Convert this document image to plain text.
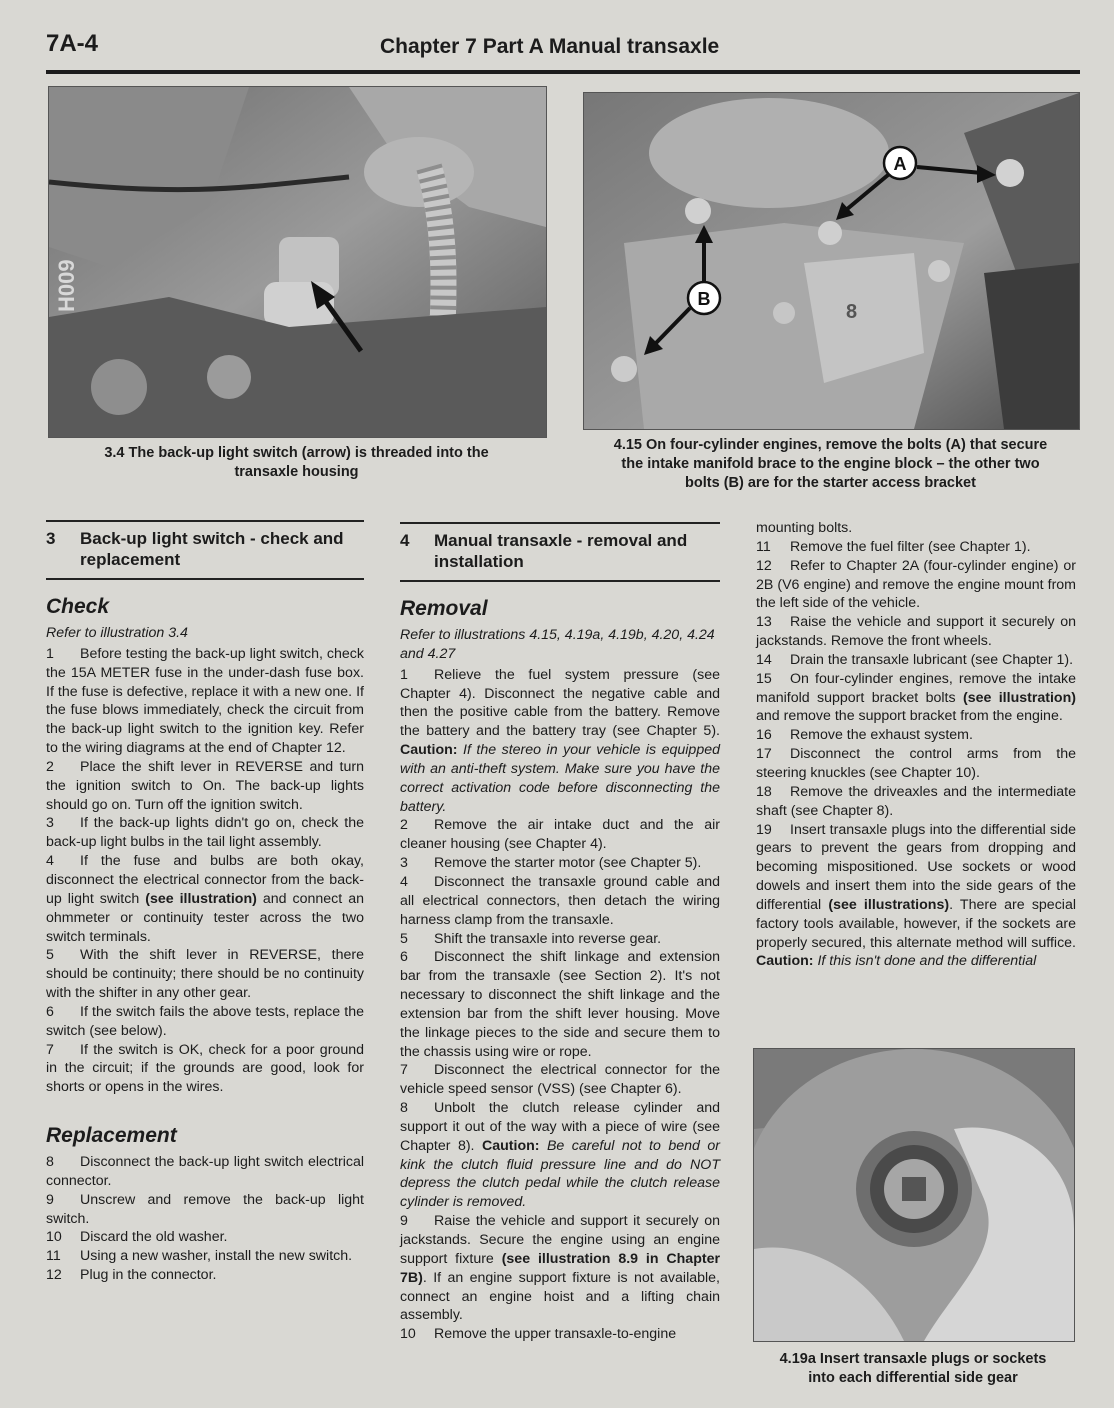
7A-4	Chapter 7 Part A Manual transaxle
H009
3.4 The back-up light switch (arrow) is threaded into the
transaxle housing
8
A
B
4.15 On four-cylinder engines, remove the bolts (A) that secure
the intake manifold brace to the engine block – the other two
bolts (B) are for the starter access bracket
3	Back-up light switch - check and replacement
Check
Refer to illustration 3.4

1 Before testing the back-up light switch, check the 15A METER fuse in the under-dash fuse box. If the fuse is defective, replace it with a new one. If the fuse blows immediately, check the circuit from the back-up light switch to the ignition key. Refer to the wiring diagrams at the end of Chapter 12.

2 Place the shift lever in REVERSE and turn the ignition switch to On. The back-up lights should go on. Turn off the ignition switch.

3 If the back-up lights didn't go on, check the back-up light bulbs in the tail light assembly.

4 If the fuse and bulbs are both okay, disconnect the electrical connector from the back-up light switch (see illustration) and connect an ohmmeter or continuity tester across the two switch terminals.

5 With the shift lever in REVERSE, there should be continuity; there should be no continuity with the shifter in any other gear.

6 If the switch fails the above tests, replace the switch (see below).

7 If the switch is OK, check for a poor ground in the circuit; if the grounds are good, look for shorts or opens in the wires.

Replacement

8 Disconnect the back-up light switch electrical connector.

9 Unscrew and remove the back-up light switch.

10 Discard the old washer.

11 Using a new washer, install the new switch.

12 Plug in the connector.

4	Manual transaxle - removal and installation
Removal
Refer to illustrations 4.15, 4.19a, 4.19b, 4.20, 4.24 and 4.27

1 Relieve the fuel system pressure (see Chapter 4). Disconnect the negative cable and then the positive cable from the battery. Remove the battery and the battery tray (see Chapter 5). Caution: If the stereo in your vehicle is equipped with an anti-theft system. Make sure you have the correct activation code before disconnecting the battery.

2 Remove the air intake duct and the air cleaner housing (see Chapter 4).

3 Remove the starter motor (see Chapter 5).

4 Disconnect the transaxle ground cable and all electrical connectors, then detach the wiring harness clamp from the transaxle.

5 Shift the transaxle into reverse gear.

6 Disconnect the shift linkage and extension bar from the transaxle (see Section 2). It's not necessary to disconnect the shift linkage and the extension bar from the shift lever housing. Move the linkage pieces to the side and secure them to the chassis using wire or rope.

7 Disconnect the electrical connector for the vehicle speed sensor (VSS) (see Chapter 6).

8 Unbolt the clutch release cylinder and support it out of the way with a piece of wire (see Chapter 8). Caution: Be careful not to bend or kink the clutch fluid pressure line and do NOT depress the clutch pedal while the clutch release cylinder is removed.

9 Raise the vehicle and support it securely on jackstands. Secure the engine using an engine support fixture (see illustration 8.9 in Chapter 7B). If an engine support fixture is not available, connect an engine hoist and a lifting chain assembly.

10 Remove the upper transaxle-to-engine

mounting bolts.

11 Remove the fuel filter (see Chapter 1).

12 Refer to Chapter 2A (four-cylinder engine) or 2B (V6 engine) and remove the engine mount from the left side of the vehicle.

13 Raise the vehicle and support it securely on jackstands. Remove the front wheels.

14 Drain the transaxle lubricant (see Chapter 1).

15 On four-cylinder engines, remove the intake manifold support bracket bolts (see illustration) and remove the support bracket from the engine.

16 Remove the exhaust system.

17 Disconnect the control arms from the steering knuckles (see Chapter 10).

18 Remove the driveaxles and the intermediate shaft (see Chapter 8).

19 Insert transaxle plugs into the differential side gears to prevent the gears from dropping and becoming mispositioned. Use sockets or wood dowels and insert them into the side gears of the differential (see illustrations). There are special factory tools available, however, if the sockets are properly secured, this alternate method will suffice. Caution: If this isn't done and the differential

4.19a Insert transaxle plugs or sockets
into each differential side gear
